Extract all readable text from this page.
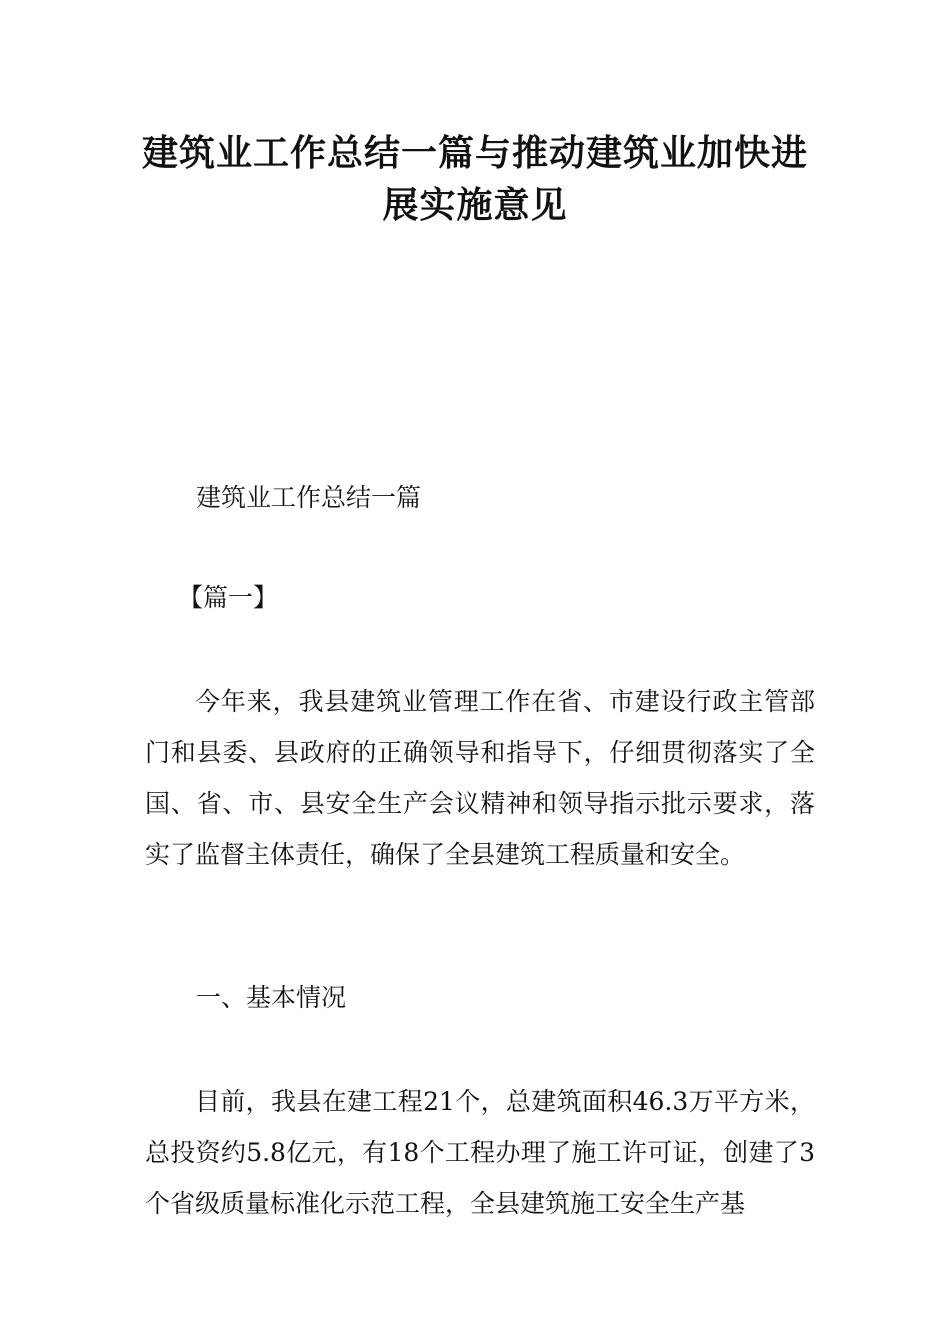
建筑业工作总结一篇与推动建筑业加快进
展实施意见
建筑业工作总结一篇
【篇一】

今年来，我县建筑业管理工作在省、市建设行政主管部门和县委、县政府的正确领导和指导下，仔细贯彻落实了全国、省、市、县安全生产会议精神和领导指示批示要求，落实了监督主体责任，确保了全县建筑工程质量和安全。

一、基本情况

目前，我县在建工程21个，总建筑面积46.3万平方米，总投资约5.8亿元，有18个工程办理了施工许可证，创建了3个省级质量标准化示范工程，全县建筑施工安全生产基
